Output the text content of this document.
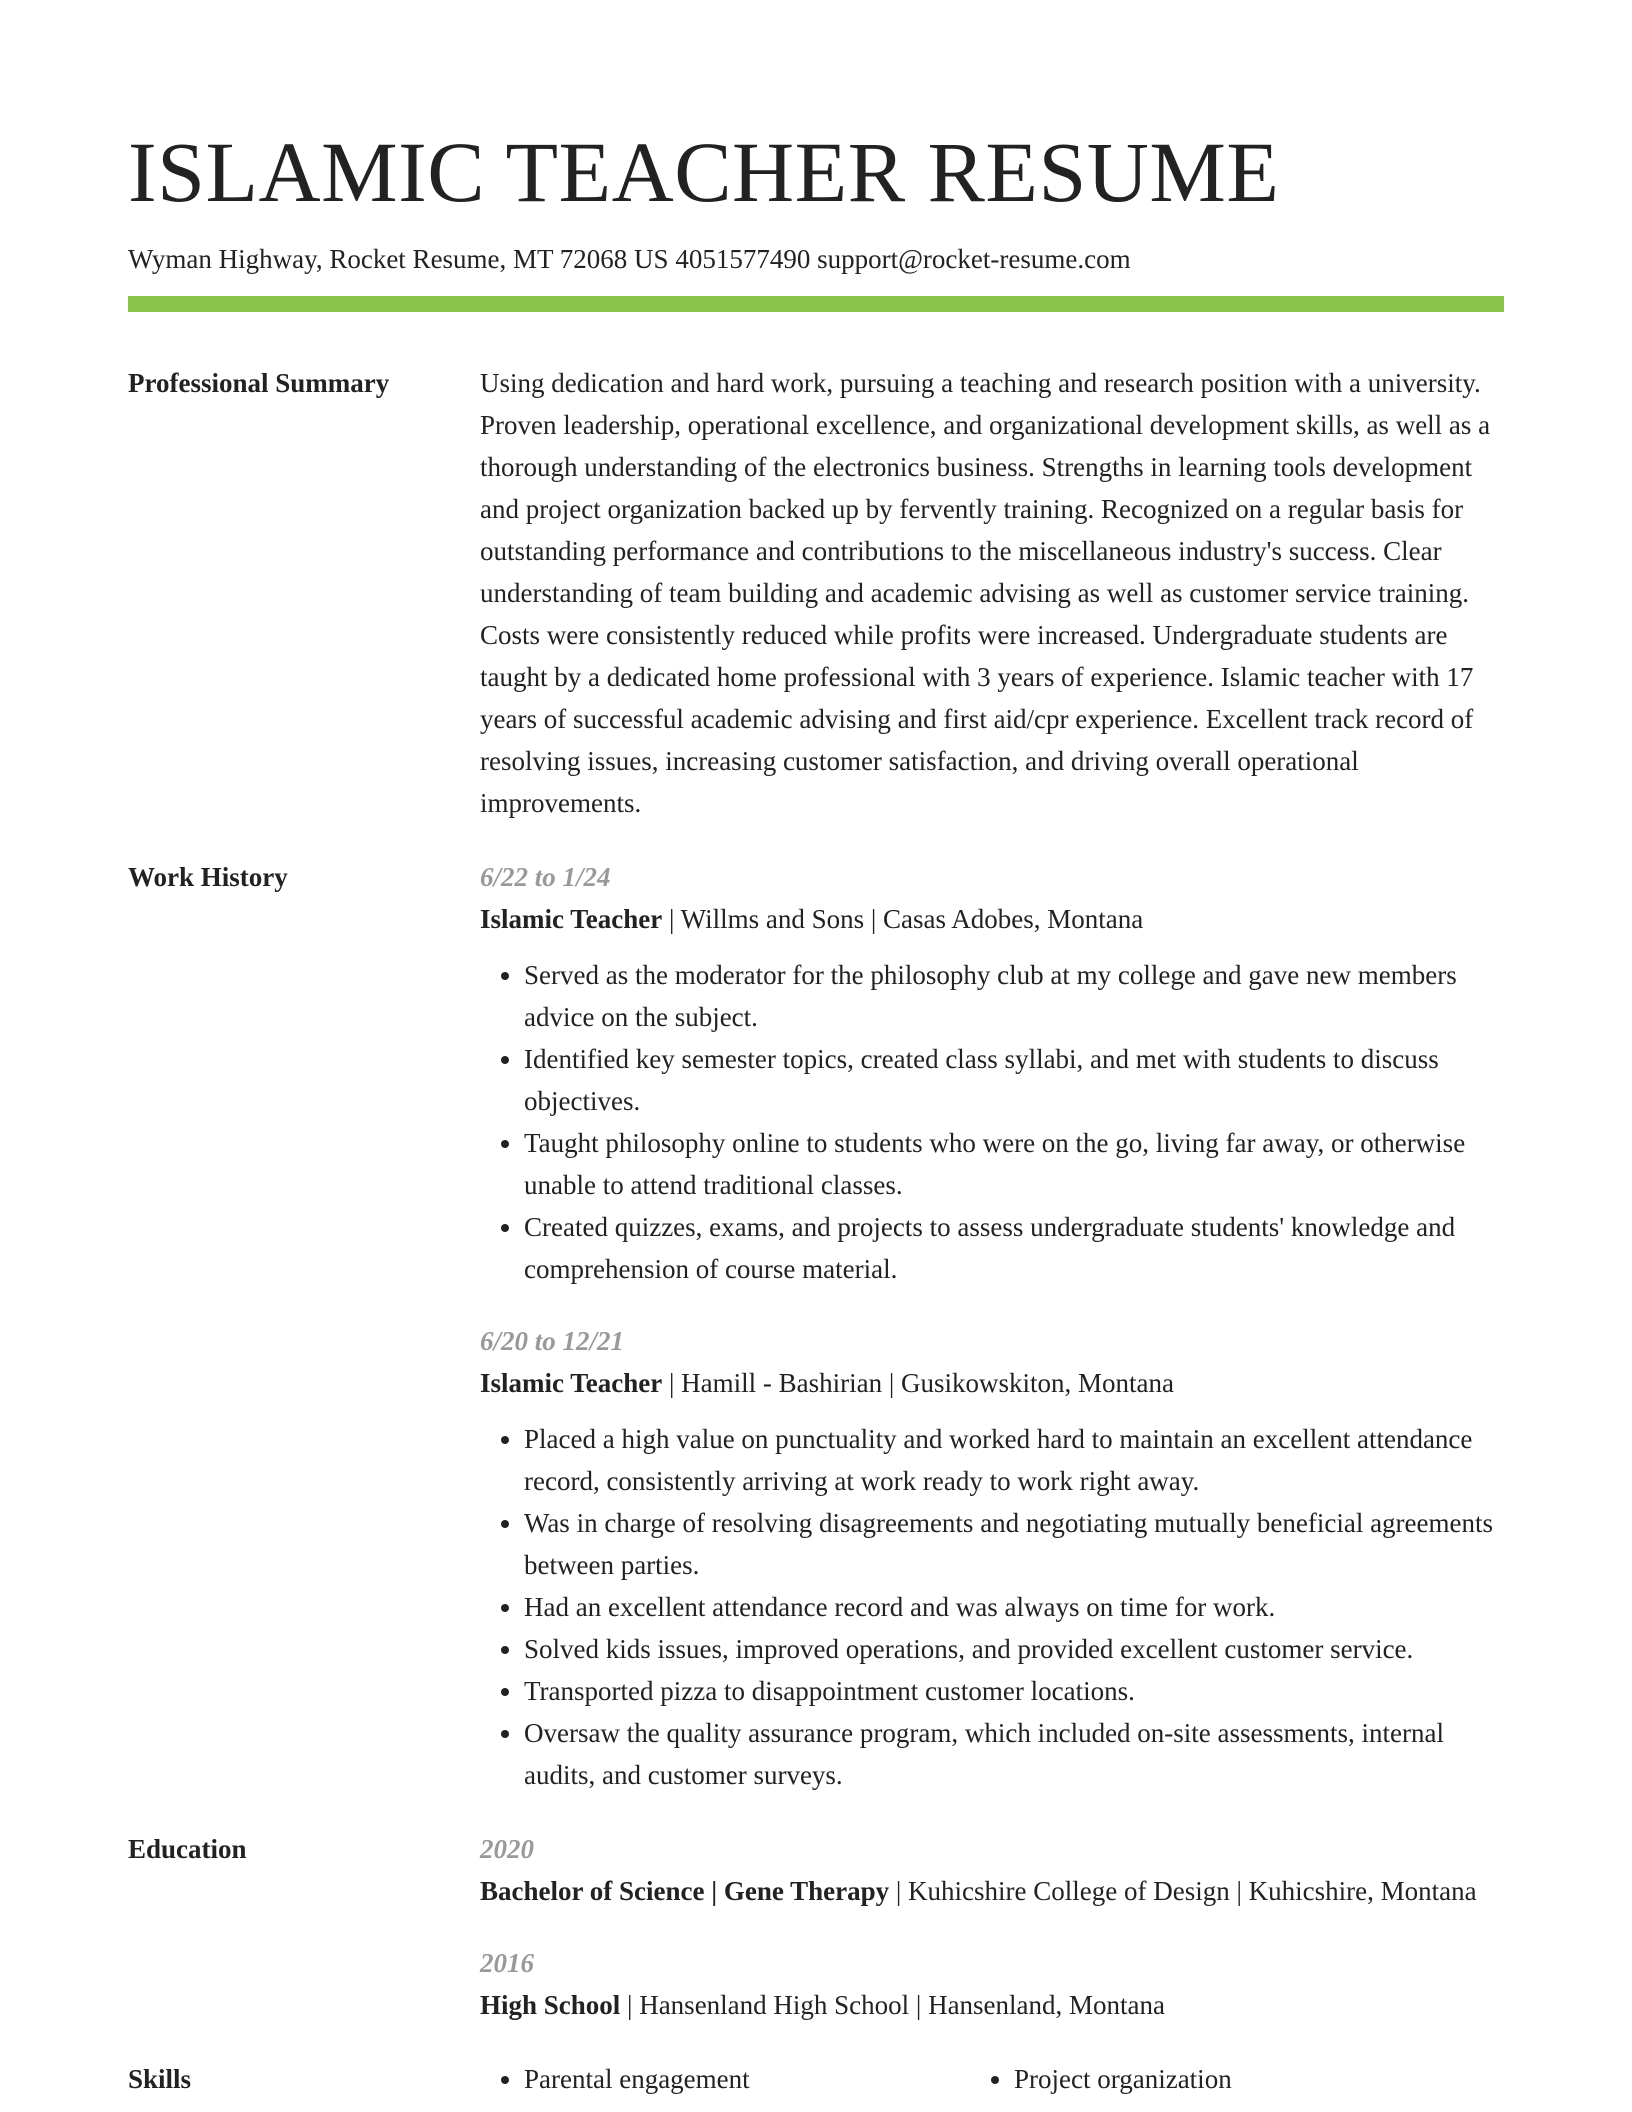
ISLAMIC TEACHER RESUME
Wyman Highway, Rocket Resume, MT 72068 US 4051577490 support@rocket-resume.com
Professional Summary	Using dedication and hard work, pursuing a teaching and research position with a university. Proven leadership, operational excellence, and organizational development skills, as well as a thorough understanding of the electronics business. Strengths in learning tools development and project organization backed up by fervently training. Recognized on a regular basis for outstanding performance and contributions to the miscellaneous industry's success. Clear understanding of team building and academic advising as well as customer service training. Costs were consistently reduced while profits were increased. Undergraduate students are taught by a dedicated home professional with 3 years of experience. Islamic teacher with 17 years of successful academic advising and first aid/cpr experience. Excellent track record of resolving issues, increasing customer satisfaction, and driving overall operational improvements.

Work History	6/22 to 1/24
Islamic Teacher | Willms and Sons | Casas Adobes, Montana
• Served as the moderator for the philosophy club at my college and gave new members advice on the subject.
• Identified key semester topics, created class syllabi, and met with students to discuss objectives.
• Taught philosophy online to students who were on the go, living far away, or otherwise unable to attend traditional classes.
• Created quizzes, exams, and projects to assess undergraduate students' knowledge and comprehension of course material.
6/20 to 12/21
Islamic Teacher | Hamill - Bashirian | Gusikowskiton, Montana
• Placed a high value on punctuality and worked hard to maintain an excellent attendance record, consistently arriving at work ready to work right away.
• Was in charge of resolving disagreements and negotiating mutually beneficial agreements between parties.
• Had an excellent attendance record and was always on time for work.
• Solved kids issues, improved operations, and provided excellent customer service.
• Transported pizza to disappointment customer locations.
• Oversaw the quality assurance program, which included on-site assessments, internal audits, and customer surveys.
Education	2020
Bachelor of Science | Gene Therapy | Kuhicshire College of Design | Kuhicshire, Montana
2016
High School | Hansenland High School | Hansenland, Montana
Skills	• Parental engagement	• Project organization
